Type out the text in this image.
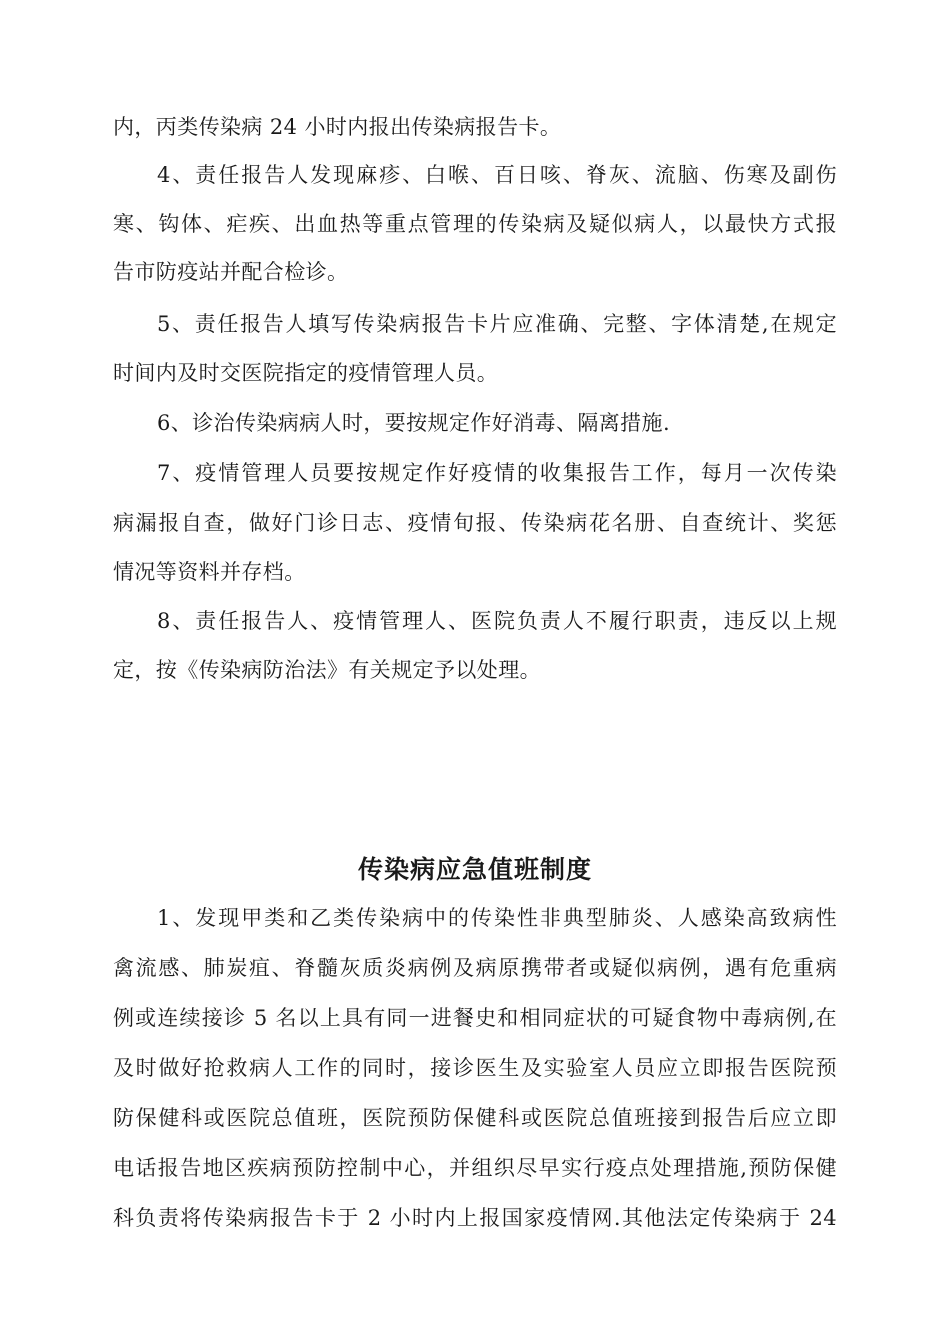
内，丙类传染病 24 小时内报出传染病报告卡。
4、责任报告人发现麻疹、白喉、百日咳、脊灰、流脑、伤寒及副伤
寒、钩体、疟疾、出血热等重点管理的传染病及疑似病人，以最快方式报
告市防疫站并配合检诊。
5、责任报告人填写传染病报告卡片应准确、完整、字体清楚,在规定
时间内及时交医院指定的疫情管理人员。
6、诊治传染病病人时，要按规定作好消毒、隔离措施.
7、疫情管理人员要按规定作好疫情的收集报告工作，每月一次传染
病漏报自查，做好门诊日志、疫情旬报、传染病花名册、自查统计、奖惩
情况等资料并存档。
8、责任报告人、疫情管理人、医院负责人不履行职责，违反以上规
定，按《传染病防治法》有关规定予以处理。
传染病应急值班制度
1、发现甲类和乙类传染病中的传染性非典型肺炎、人感染高致病性
禽流感、肺炭疽、脊髓灰质炎病例及病原携带者或疑似病例，遇有危重病
例或连续接诊 5 名以上具有同一进餐史和相同症状的可疑食物中毒病例,在
及时做好抢救病人工作的同时，接诊医生及实验室人员应立即报告医院预
防保健科或医院总值班，医院预防保健科或医院总值班接到报告后应立即
电话报告地区疾病预防控制中心，并组织尽早实行疫点处理措施,预防保健
科负责将传染病报告卡于 2 小时内上报国家疫情网.其他法定传染病于 24
